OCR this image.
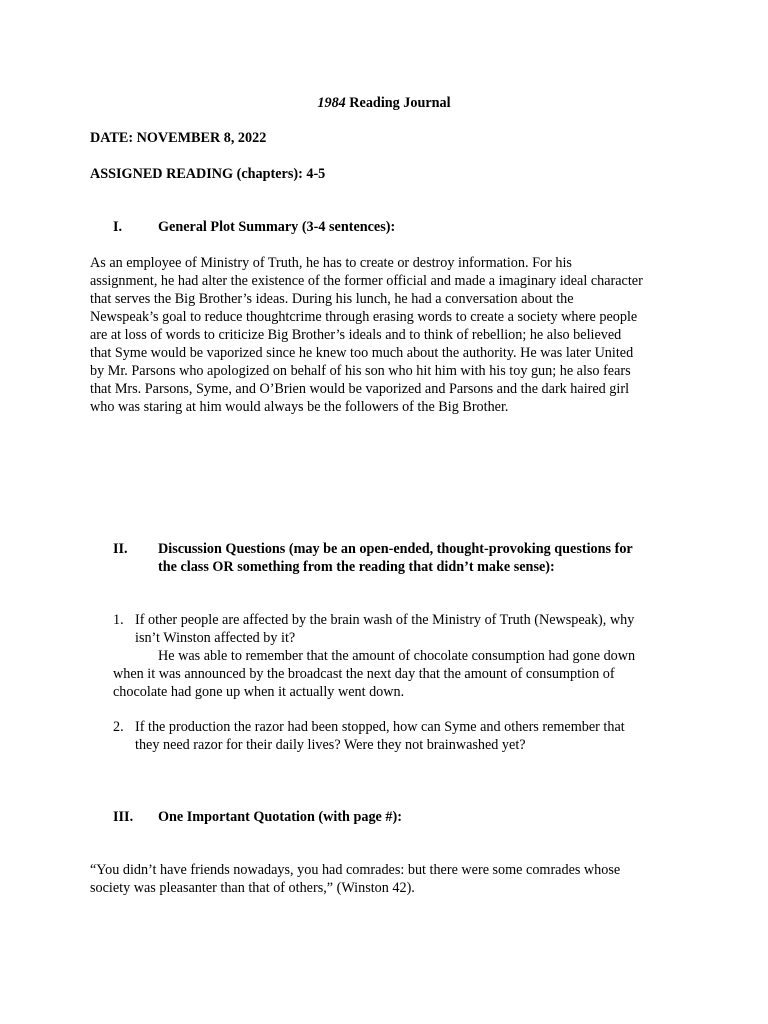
1984 Reading Journal
DATE: NOVEMBER 8, 2022
ASSIGNED READING (chapters): 4-5
I.	General Plot Summary (3-4 sentences):
As an employee of Ministry of Truth, he has to create or destroy information. For his
assignment, he had alter the existence of the former official and made a imaginary ideal character
that serves the Big Brother’s ideas. During his lunch, he had a conversation about the
Newspeak’s goal to reduce thoughtcrime through erasing words to create a society where people
are at loss of words to criticize Big Brother’s ideals and to think of rebellion; he also believed
that Syme would be vaporized since he knew too much about the authority. He was later United
by Mr. Parsons who apologized on behalf of his son who hit him with his toy gun; he also fears
that Mrs. Parsons, Syme, and O’Brien would be vaporized and Parsons and the dark haired girl
who was staring at him would always be the followers of the Big Brother.
II. Discussion Questions (may be an open-ended, thought-provoking questions for
the class OR something from the reading that didn’t make sense):
1. If other people are affected by the brain wash of the Ministry of Truth (Newspeak), why
isn’t Winston affected by it?
He was able to remember that the amount of chocolate consumption had gone down
when it was announced by the broadcast the next day that the amount of consumption of
chocolate had gone up when it actually went down.
2. If the production the razor had been stopped, how can Syme and others remember that
they need razor for their daily lives? Were they not brainwashed yet?
III. One Important Quotation (with page #):
“You didn’t have friends nowadays, you had comrades: but there were some comrades whose
society was pleasanter than that of others,” (Winston 42).
